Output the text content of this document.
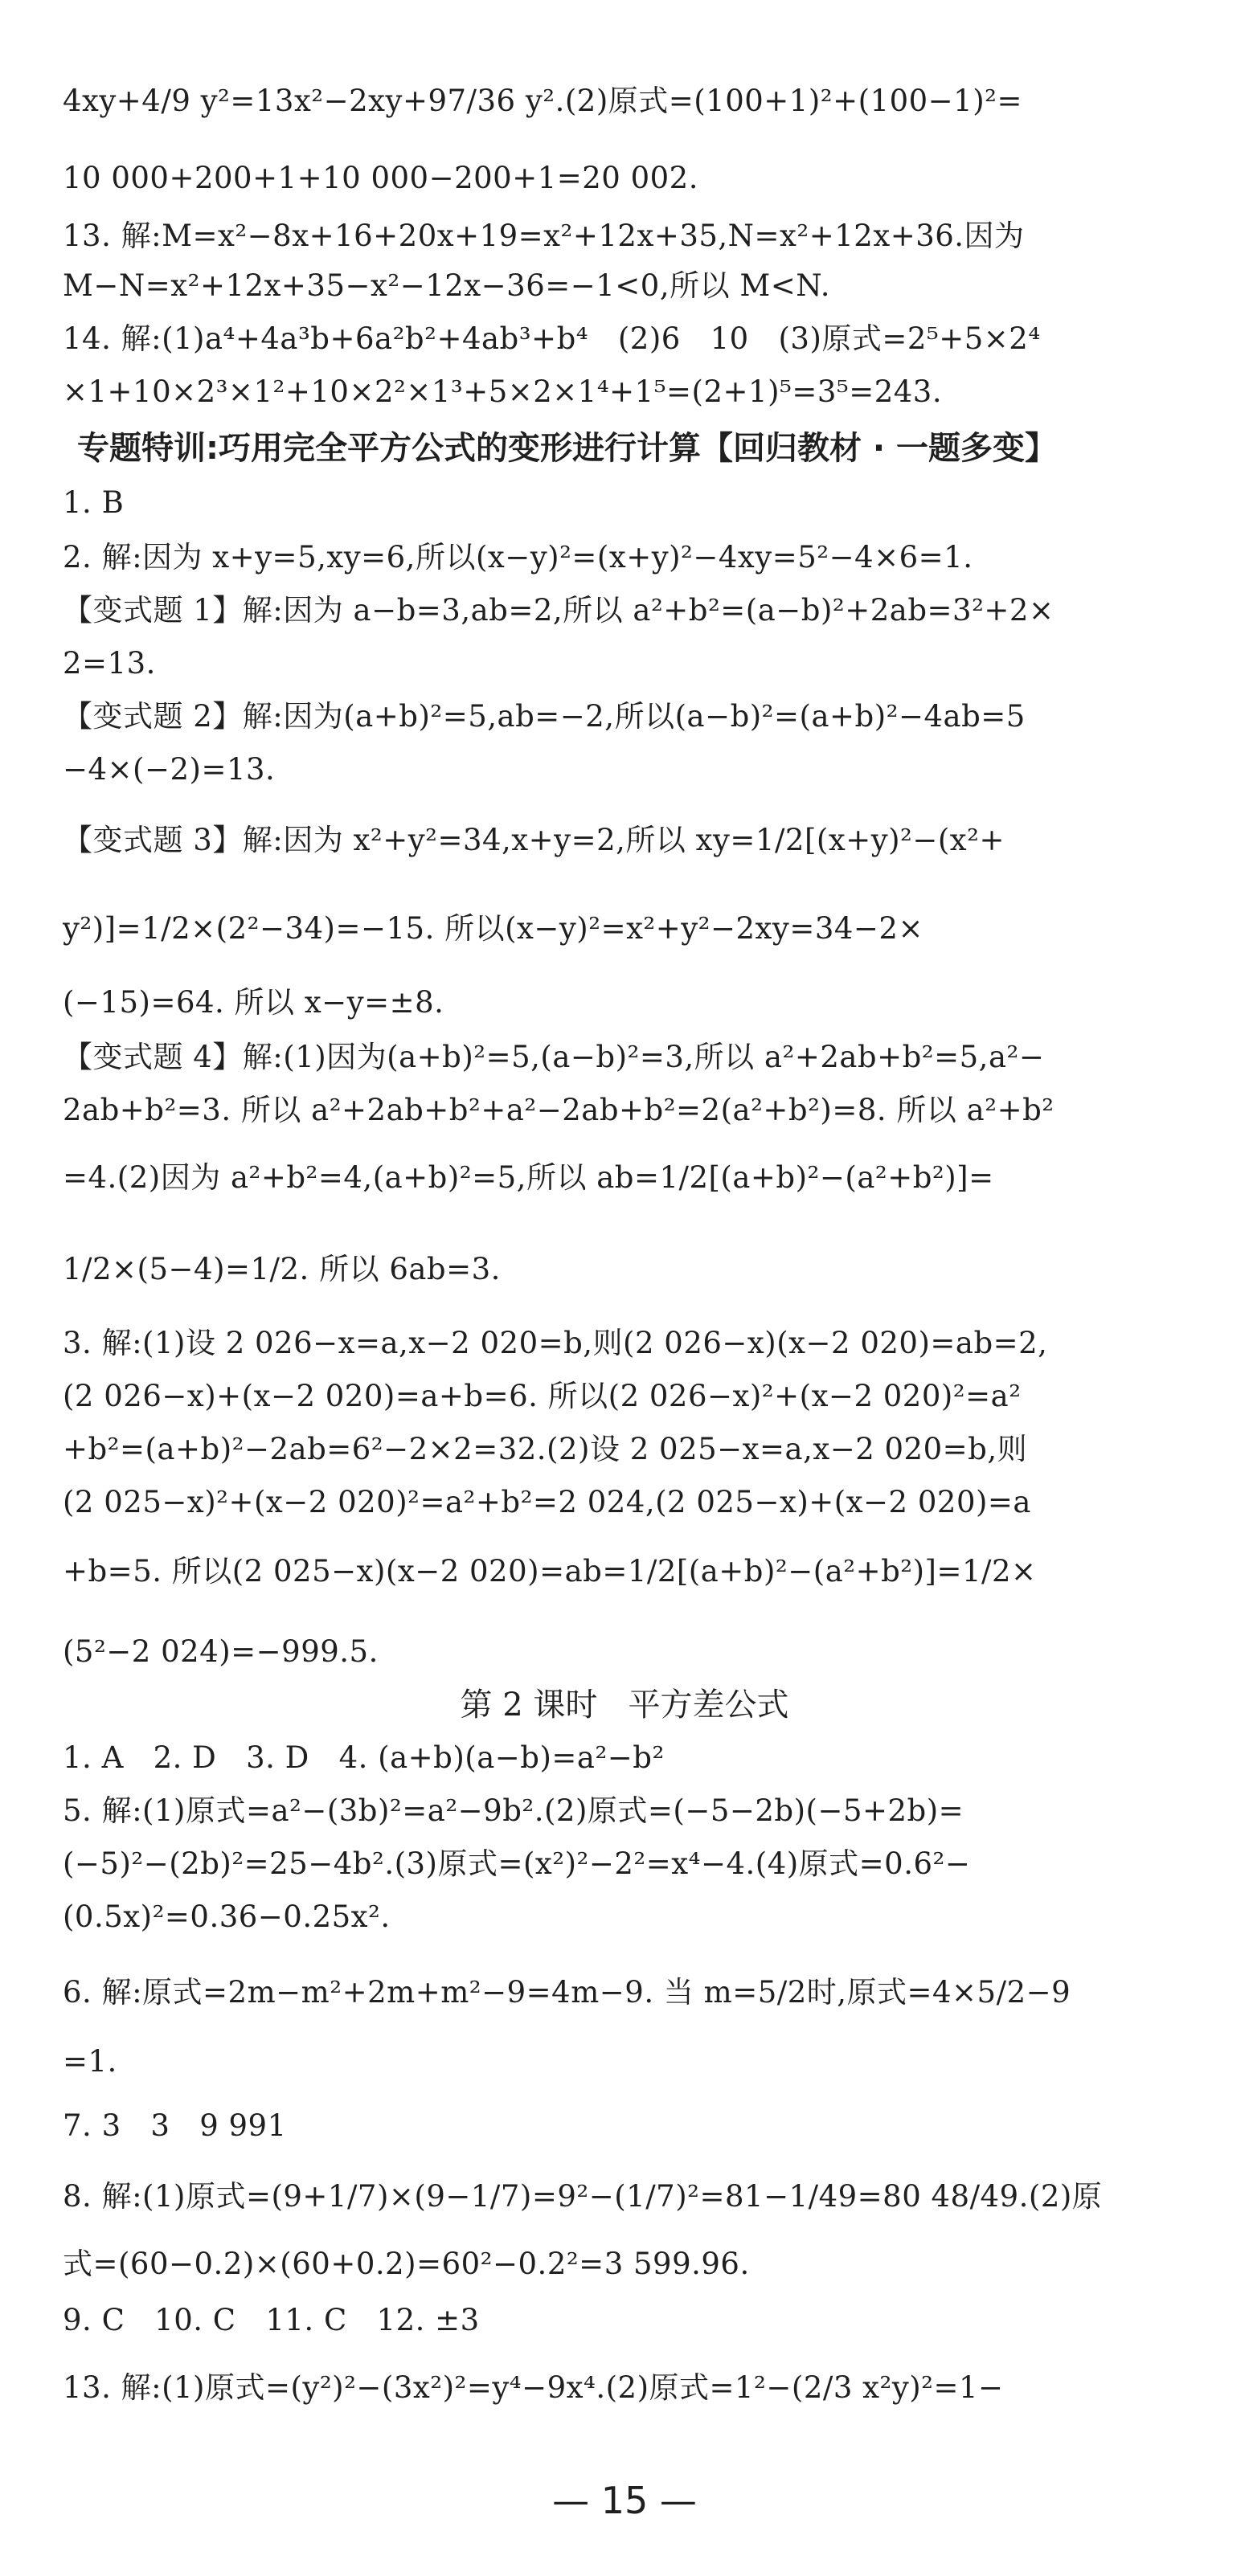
4xy+4/9 y²=13x²−2xy+97/36 y².(2)原式=(100+1)²+(100−1)²=
10 000+200+1+10 000−200+1=20 002.
13. 解:M=x²−8x+16+20x+19=x²+12x+35,N=x²+12x+36.因为
M−N=x²+12x+35−x²−12x−36=−1<0,所以 M<N.
14. 解:(1)a⁴+4a³b+6a²b²+4ab³+b⁴   (2)6   10   (3)原式=2⁵+5×2⁴
×1+10×2³×1²+10×2²×1³+5×2×1⁴+1⁵=(2+1)⁵=3⁵=243.
专题特训:巧用完全平方公式的变形进行计算【回归教材 · 一题多变】
1. B
2. 解:因为 x+y=5,xy=6,所以(x−y)²=(x+y)²−4xy=5²−4×6=1.
【变式题 1】解:因为 a−b=3,ab=2,所以 a²+b²=(a−b)²+2ab=3²+2×
2=13.
【变式题 2】解:因为(a+b)²=5,ab=−2,所以(a−b)²=(a+b)²−4ab=5
−4×(−2)=13.
【变式题 3】解:因为 x²+y²=34,x+y=2,所以 xy=1/2[(x+y)²−(x²+
y²)]=1/2×(2²−34)=−15. 所以(x−y)²=x²+y²−2xy=34−2×
(−15)=64. 所以 x−y=±8.
【变式题 4】解:(1)因为(a+b)²=5,(a−b)²=3,所以 a²+2ab+b²=5,a²−
2ab+b²=3. 所以 a²+2ab+b²+a²−2ab+b²=2(a²+b²)=8. 所以 a²+b²
=4.(2)因为 a²+b²=4,(a+b)²=5,所以 ab=1/2[(a+b)²−(a²+b²)]=
1/2×(5−4)=1/2. 所以 6ab=3.
3. 解:(1)设 2 026−x=a,x−2 020=b,则(2 026−x)(x−2 020)=ab=2,
(2 026−x)+(x−2 020)=a+b=6. 所以(2 026−x)²+(x−2 020)²=a²
+b²=(a+b)²−2ab=6²−2×2=32.(2)设 2 025−x=a,x−2 020=b,则
(2 025−x)²+(x−2 020)²=a²+b²=2 024,(2 025−x)+(x−2 020)=a
+b=5. 所以(2 025−x)(x−2 020)=ab=1/2[(a+b)²−(a²+b²)]=1/2×
(5²−2 024)=−999.5.
第 2 课时   平方差公式
1. A   2. D   3. D   4. (a+b)(a−b)=a²−b²
5. 解:(1)原式=a²−(3b)²=a²−9b².(2)原式=(−5−2b)(−5+2b)=
(−5)²−(2b)²=25−4b².(3)原式=(x²)²−2²=x⁴−4.(4)原式=0.6²−
(0.5x)²=0.36−0.25x².
6. 解:原式=2m−m²+2m+m²−9=4m−9. 当 m=5/2时,原式=4×5/2−9
=1.
7. 3   3   9 991
8. 解:(1)原式=(9+1/7)×(9−1/7)=9²−(1/7)²=81−1/49=80 48/49.(2)原
式=(60−0.2)×(60+0.2)=60²−0.2²=3 599.96.
9. C   10. C   11. C   12. ±3
13. 解:(1)原式=(y²)²−(3x²)²=y⁴−9x⁴.(2)原式=1²−(2/3 x²y)²=1−
— 15 —
